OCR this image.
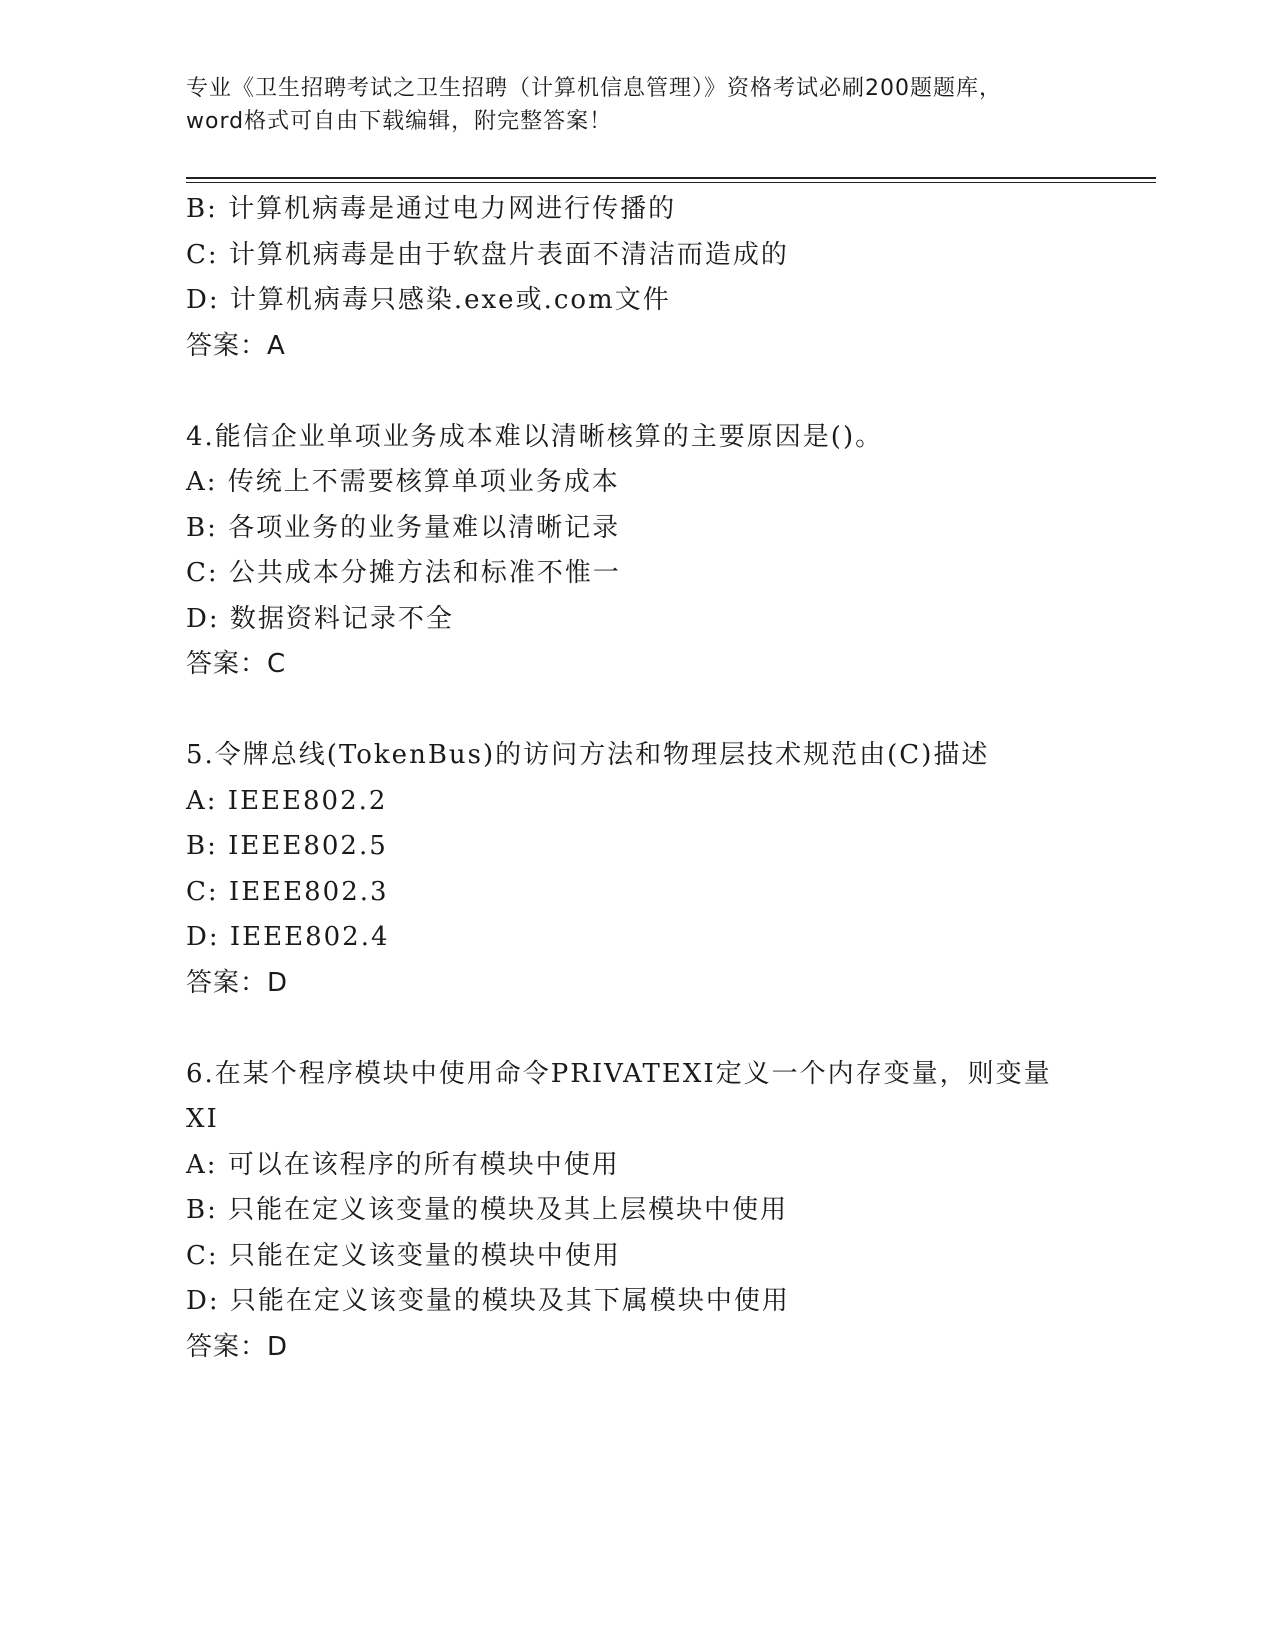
专业《卫生招聘考试之卫生招聘（计算机信息管理）》资格考试必刷200题题库，
word格式可自由下载编辑，附完整答案！
B: 计算机病毒是通过电力网进行传播的
C: 计算机病毒是由于软盘片表面不清洁而造成的
D: 计算机病毒只感染.exe或.com文件
答案：A
4.能信企业单项业务成本难以清晰核算的主要原因是()。
A: 传统上不需要核算单项业务成本
B: 各项业务的业务量难以清晰记录
C: 公共成本分摊方法和标准不惟一
D: 数据资料记录不全
答案：C
5.令牌总线(TokenBus)的访问方法和物理层技术规范由(C)描述
A: IEEE802.2
B: IEEE802.5
C: IEEE802.3
D: IEEE802.4
答案：D
6.在某个程序模块中使用命令PRIVATEXI定义一个内存变量，则变量
XI
A: 可以在该程序的所有模块中使用
B: 只能在定义该变量的模块及其上层模块中使用
C: 只能在定义该变量的模块中使用
D: 只能在定义该变量的模块及其下属模块中使用
答案：D
